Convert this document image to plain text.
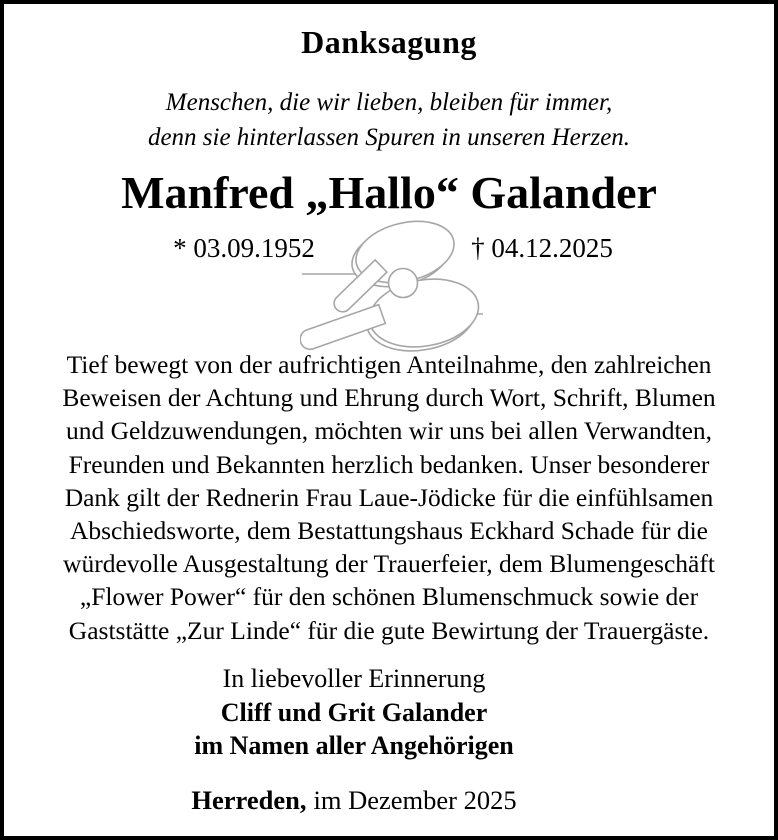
Danksagung
Menschen, die wir lieben, bleiben für immer,
denn sie hinterlassen Spuren in unseren Herzen.
Manfred „Hallo“ Galander
* 03.09.1952	† 04.12.2025
Tief bewegt von der aufrichtigen Anteilnahme, den zahlreichen
Beweisen der Achtung und Ehrung durch Wort, Schrift, Blumen
und Geldzuwendungen, möchten wir uns bei allen Verwandten,
Freunden und Bekannten herzlich bedanken. Unser besonderer
Dank gilt der Rednerin Frau Laue-Jödicke für die einfühlsamen
Abschiedsworte, dem Bestattungshaus Eckhard Schade für die
würdevolle Ausgestaltung der Trauerfeier, dem Blumengeschäft
„Flower Power“ für den schönen Blumenschmuck sowie der
Gaststätte „Zur Linde“ für die gute Bewirtung der Trauergäste.
In liebevoller Erinnerung
Cliff und Grit Galander
im Namen aller Angehörigen
Herreden, im Dezember 2025
